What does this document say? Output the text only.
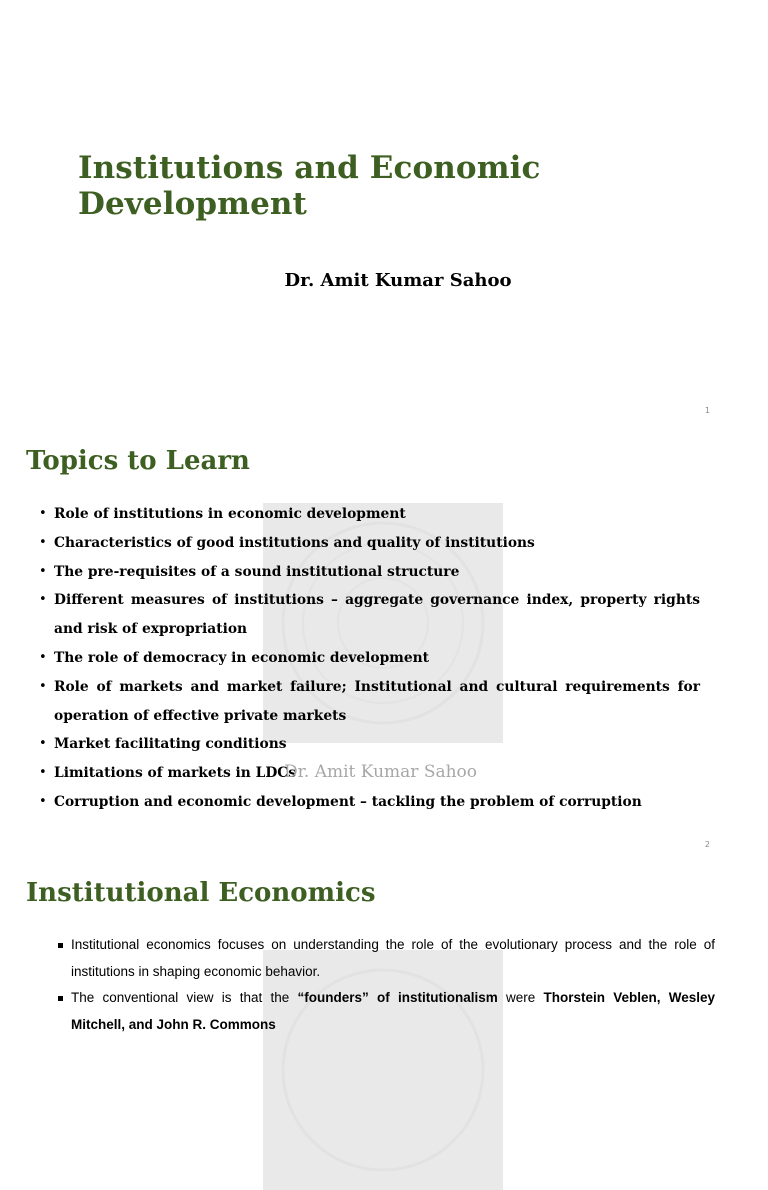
Institutions and Economic Development
Dr. Amit Kumar Sahoo
1
Topics to Learn
• Role of institutions in economic development
• Characteristics of good institutions and quality of institutions
• The pre-requisites of a sound institutional structure
• Different measures of institutions – aggregate governance index, property rights and risk of expropriation
• The role of democracy in economic development
• Role of markets and market failure; Institutional and cultural requirements for operation of effective private markets
• Market facilitating conditions
• Limitations of markets in LDCs
• Corruption and economic development – tackling the problem of corruption
Dr. Amit Kumar Sahoo
2
Institutional Economics
Institutional economics focuses on understanding the role of the evolutionary process and the role of institutions in shaping economic behavior.
The conventional view is that the “founders” of institutionalism were Thorstein Veblen, Wesley Mitchell, and John R. Commons
